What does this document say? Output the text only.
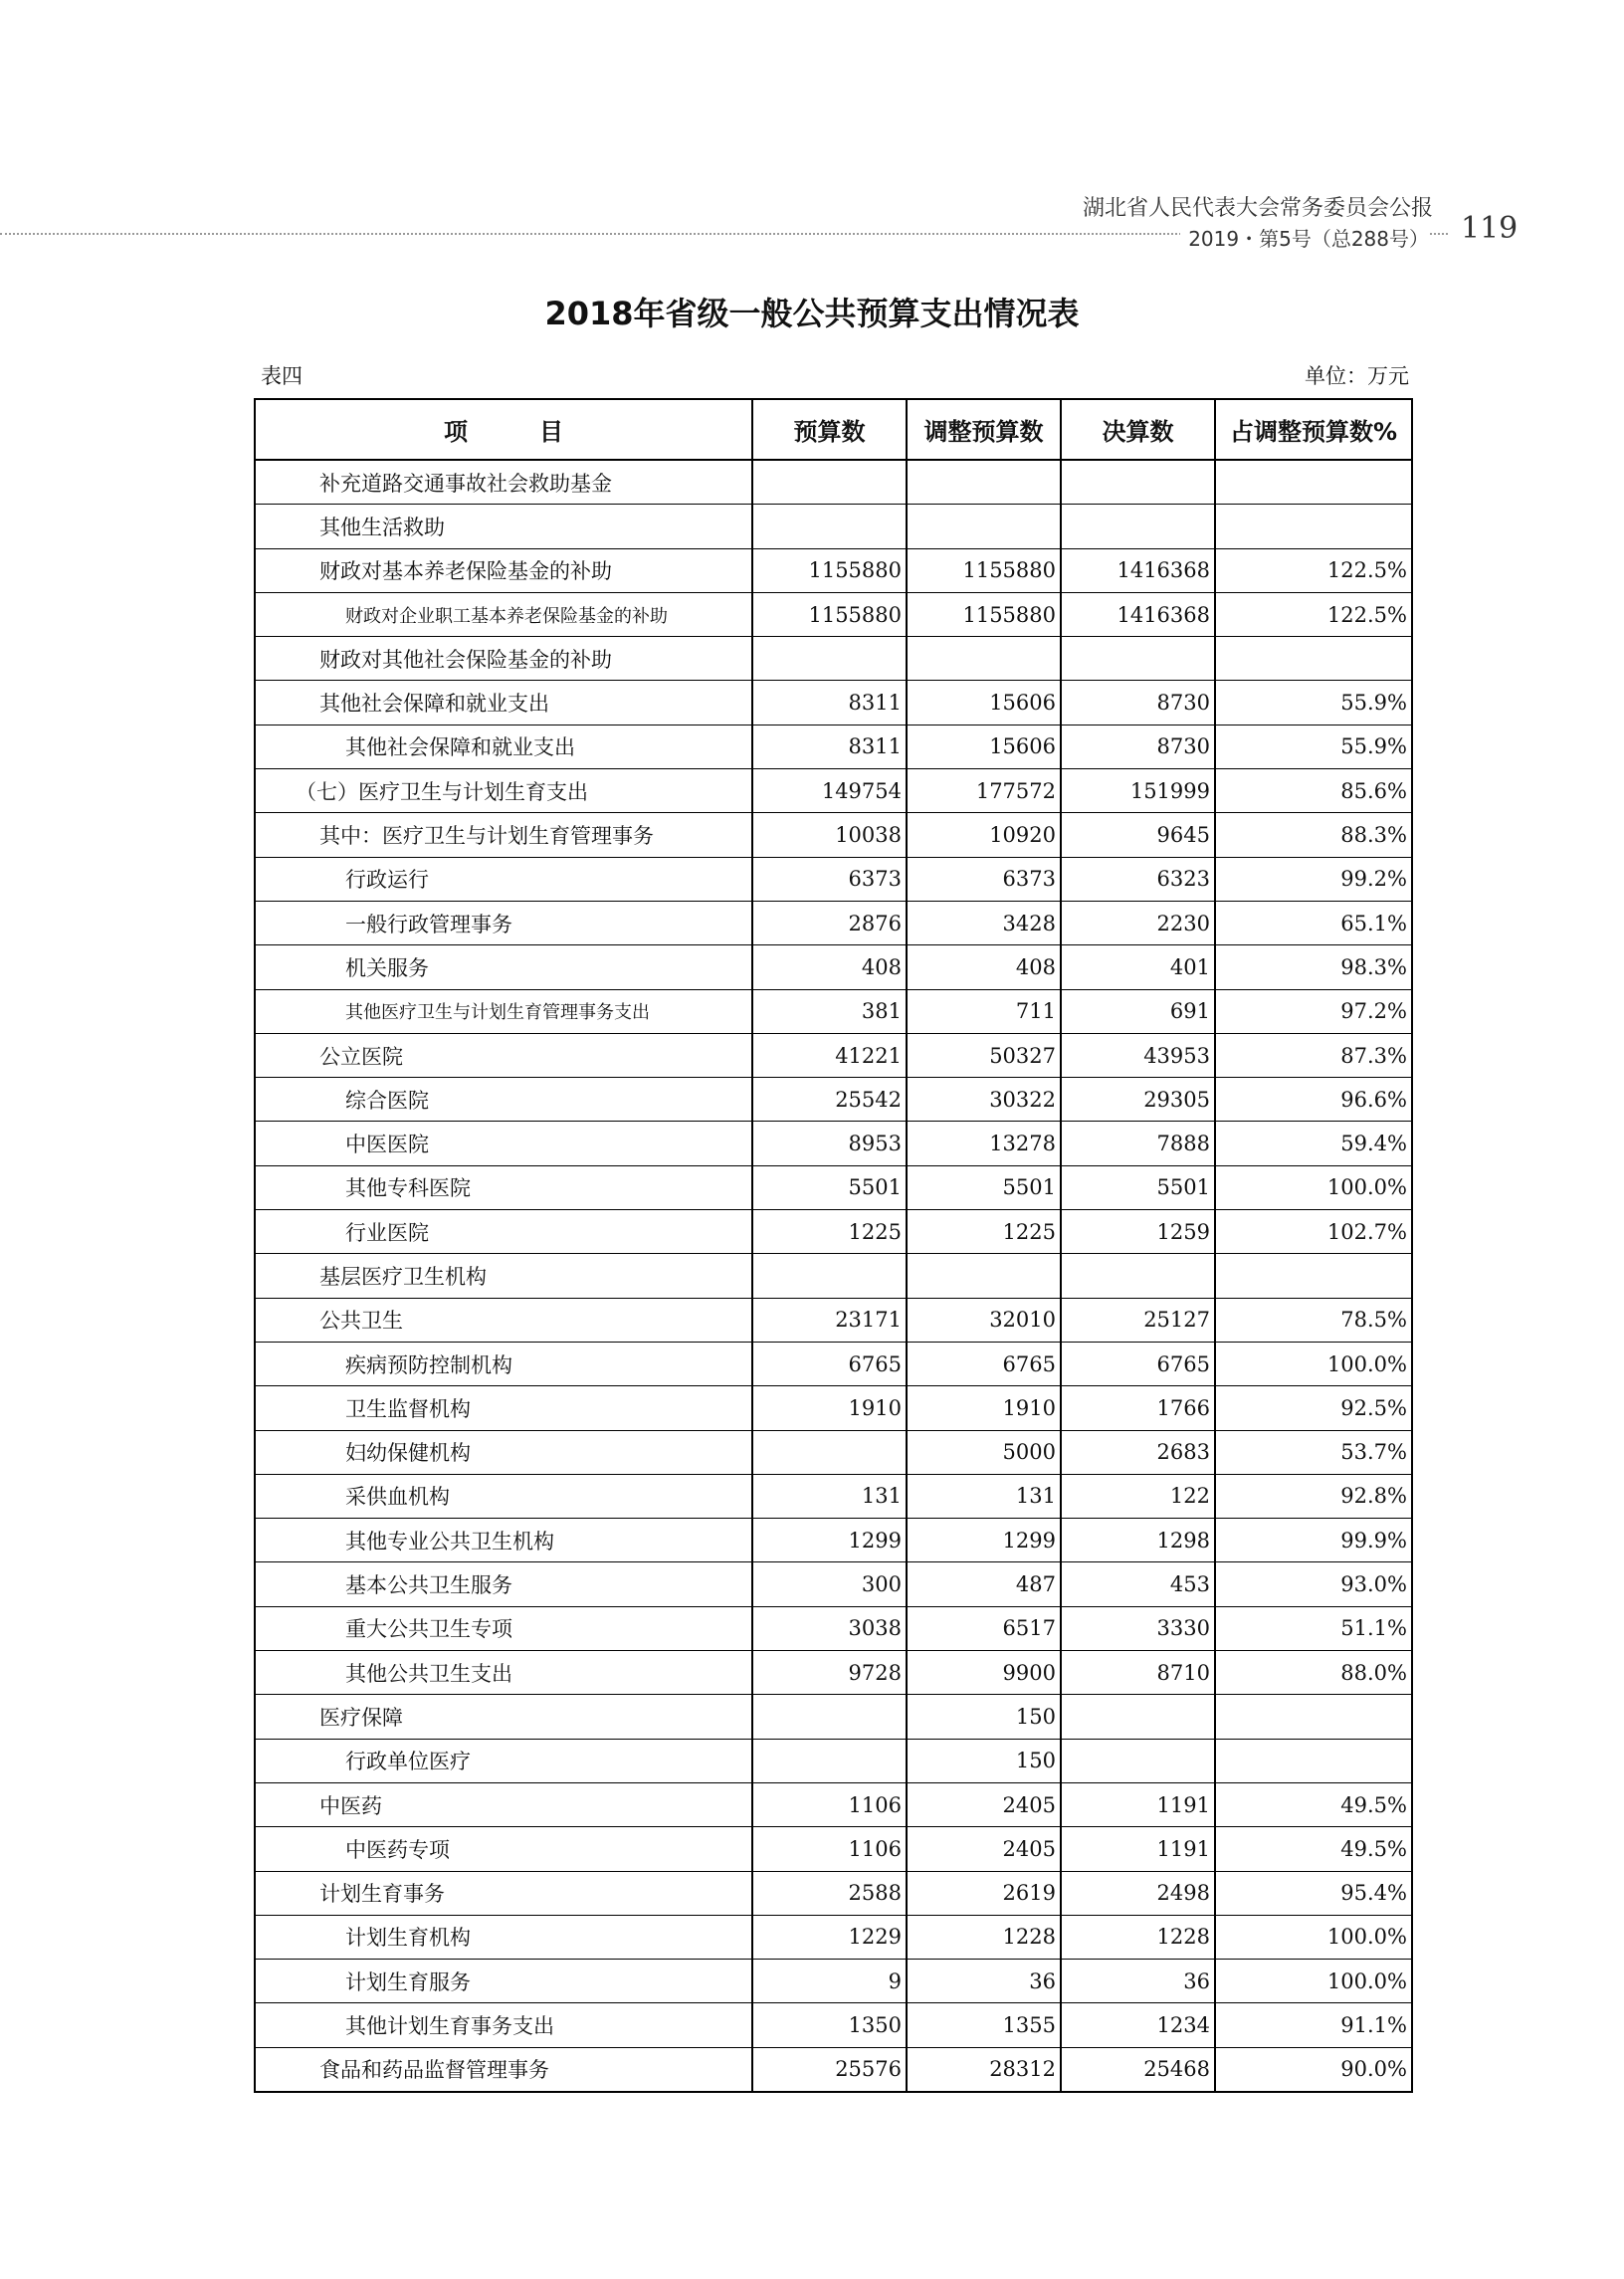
湖北省人民代表大会常务委员会公报
2019・第5号（总288号） 119
2018年省级一般公共预算支出情况表
表四	单位：万元
项　　　目	预算数	调整预算数	决算数	占调整预算数%
补充道路交通事故社会救助基金				
其他生活救助				
财政对基本养老保险基金的补助	1155880	1155880	1416368	122.5%
财政对企业职工基本养老保险基金的补助	1155880	1155880	1416368	122.5%
财政对其他社会保险基金的补助				
其他社会保障和就业支出	8311	15606	8730	55.9%
其他社会保障和就业支出	8311	15606	8730	55.9%
（七）医疗卫生与计划生育支出	149754	177572	151999	85.6%
其中：医疗卫生与计划生育管理事务	10038	10920	9645	88.3%
行政运行	6373	6373	6323	99.2%
一般行政管理事务	2876	3428	2230	65.1%
机关服务	408	408	401	98.3%
其他医疗卫生与计划生育管理事务支出	381	711	691	97.2%
公立医院	41221	50327	43953	87.3%
综合医院	25542	30322	29305	96.6%
中医医院	8953	13278	7888	59.4%
其他专科医院	5501	5501	5501	100.0%
行业医院	1225	1225	1259	102.7%
基层医疗卫生机构				
公共卫生	23171	32010	25127	78.5%
疾病预防控制机构	6765	6765	6765	100.0%
卫生监督机构	1910	1910	1766	92.5%
妇幼保健机构		5000	2683	53.7%
采供血机构	131	131	122	92.8%
其他专业公共卫生机构	1299	1299	1298	99.9%
基本公共卫生服务	300	487	453	93.0%
重大公共卫生专项	3038	6517	3330	51.1%
其他公共卫生支出	9728	9900	8710	88.0%
医疗保障		150		
行政单位医疗		150		
中医药	1106	2405	1191	49.5%
中医药专项	1106	2405	1191	49.5%
计划生育事务	2588	2619	2498	95.4%
计划生育机构	1229	1228	1228	100.0%
计划生育服务	9	36	36	100.0%
其他计划生育事务支出	1350	1355	1234	91.1%
食品和药品监督管理事务	25576	28312	25468	90.0%
